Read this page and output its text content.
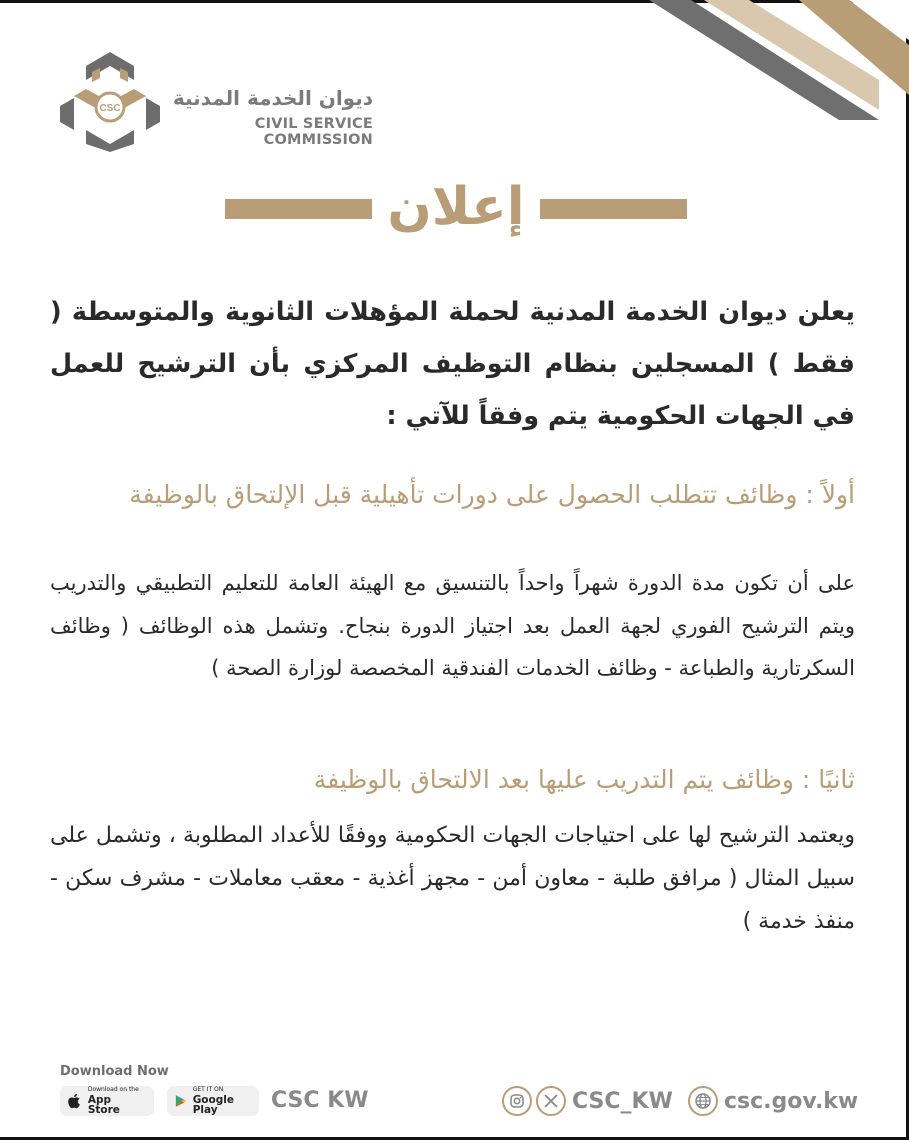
CSC	ديوان الخدمة المدنية
CIVIL SERVICE COMMISSION
إعلان
يعلن ديوان الخدمة المدنية لحملة المؤهلات الثانوية والمتوسطة ( فقط ) المسجلين بنظام التوظيف المركزي بأن الترشيح للعمل في الجهات الحكومية يتم وفقاً للآتي :
أولاً : وظائف تتطلب الحصول على دورات تأهيلية قبل الإلتحاق بالوظيفة
على أن تكون مدة الدورة شهراً واحداً بالتنسيق مع الهيئة العامة للتعليم التطبيقي والتدريب ويتم الترشيح الفوري لجهة العمل بعد اجتياز الدورة بنجاح. وتشمل هذه الوظائف ( وظائف السكرتارية والطباعة - وظائف الخدمات الفندقية المخصصة لوزارة الصحة )
ثانيًا : وظائف يتم التدريب عليها بعد الالتحاق بالوظيفة
ويعتمد الترشيح لها على احتياجات الجهات الحكومية ووفقًا للأعداد المطلوبة ، وتشمل على سبيل المثال ( مرافق طلبة - معاون أمن - مجهز أغذية - معقب معاملات - مشرف سكن - منفذ خدمة )
Download Now
Download on the
App Store
GET IT ON
Google Play	CSC KW	CSC_KW csc.gov.kw
